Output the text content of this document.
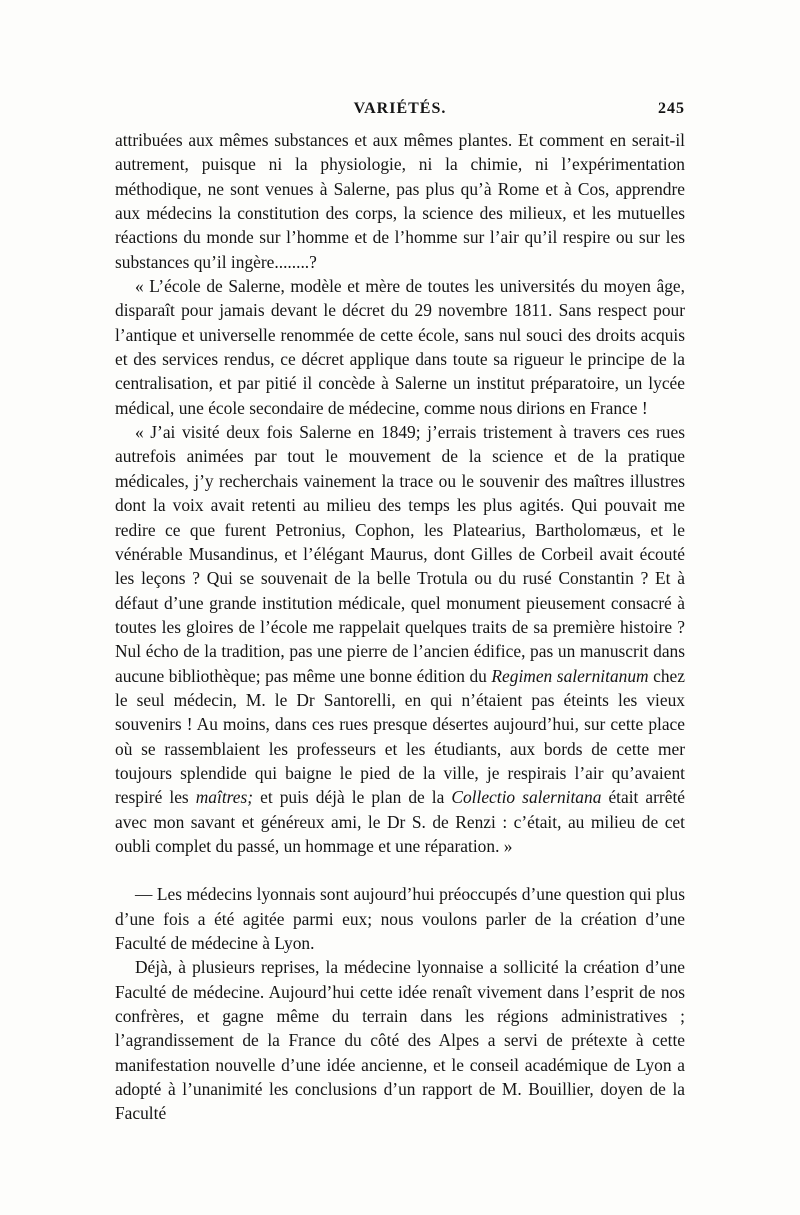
VARIÉTÉS.	245

attribuées aux mêmes substances et aux mêmes plantes. Et comment en serait-il autrement, puisque ni la physiologie, ni la chimie, ni l’expérimentation méthodique, ne sont venues à Salerne, pas plus qu’à Rome et à Cos, apprendre aux médecins la constitution des corps, la science des milieux, et les mutuelles réactions du monde sur l’homme et de l’homme sur l’air qu’il respire ou sur les substances qu’il ingère........?

« L’école de Salerne, modèle et mère de toutes les universités du moyen âge, disparaît pour jamais devant le décret du 29 novembre 1811. Sans respect pour l’antique et universelle renommée de cette école, sans nul souci des droits acquis et des services rendus, ce décret applique dans toute sa rigueur le principe de la centralisation, et par pitié il concède à Salerne un institut préparatoire, un lycée médical, une école secondaire de médecine, comme nous dirions en France !

« J’ai visité deux fois Salerne en 1849; j’errais tristement à travers ces rues autrefois animées par tout le mouvement de la science et de la pratique médicales, j’y recherchais vainement la trace ou le souvenir des maîtres illustres dont la voix avait retenti au milieu des temps les plus agités. Qui pouvait me redire ce que furent Petronius, Cophon, les Platearius, Bartholomæus, et le vénérable Musandinus, et l’élégant Maurus, dont Gilles de Corbeil avait écouté les leçons ? Qui se souvenait de la belle Trotula ou du rusé Constantin ? Et à défaut d’une grande institution médicale, quel monument pieusement consacré à toutes les gloires de l’école me rappelait quelques traits de sa première histoire ? Nul écho de la tradition, pas une pierre de l’ancien édifice, pas un manuscrit dans aucune bibliothèque; pas même une bonne édition du Regimen salernitanum chez le seul médecin, M. le Dr Santorelli, en qui n’étaient pas éteints les vieux souvenirs ! Au moins, dans ces rues presque désertes aujourd’hui, sur cette place où se rassemblaient les professeurs et les étudiants, aux bords de cette mer toujours splendide qui baigne le pied de la ville, je respirais l’air qu’avaient respiré les maîtres; et puis déjà le plan de la Collectio salernitana était arrêté avec mon savant et généreux ami, le Dr S. de Renzi : c’était, au milieu de cet oubli complet du passé, un hommage et une réparation. »

— Les médecins lyonnais sont aujourd’hui préoccupés d’une question qui plus d’une fois a été agitée parmi eux; nous voulons parler de la création d’une Faculté de médecine à Lyon.

Déjà, à plusieurs reprises, la médecine lyonnaise a sollicité la création d’une Faculté de médecine. Aujourd’hui cette idée renaît vivement dans l’esprit de nos confrères, et gagne même du terrain dans les régions administratives ; l’agrandissement de la France du côté des Alpes a servi de prétexte à cette manifestation nouvelle d’une idée ancienne, et le conseil académique de Lyon a adopté à l’unanimité les conclusions d’un rapport de M. Bouillier, doyen de la Faculté
